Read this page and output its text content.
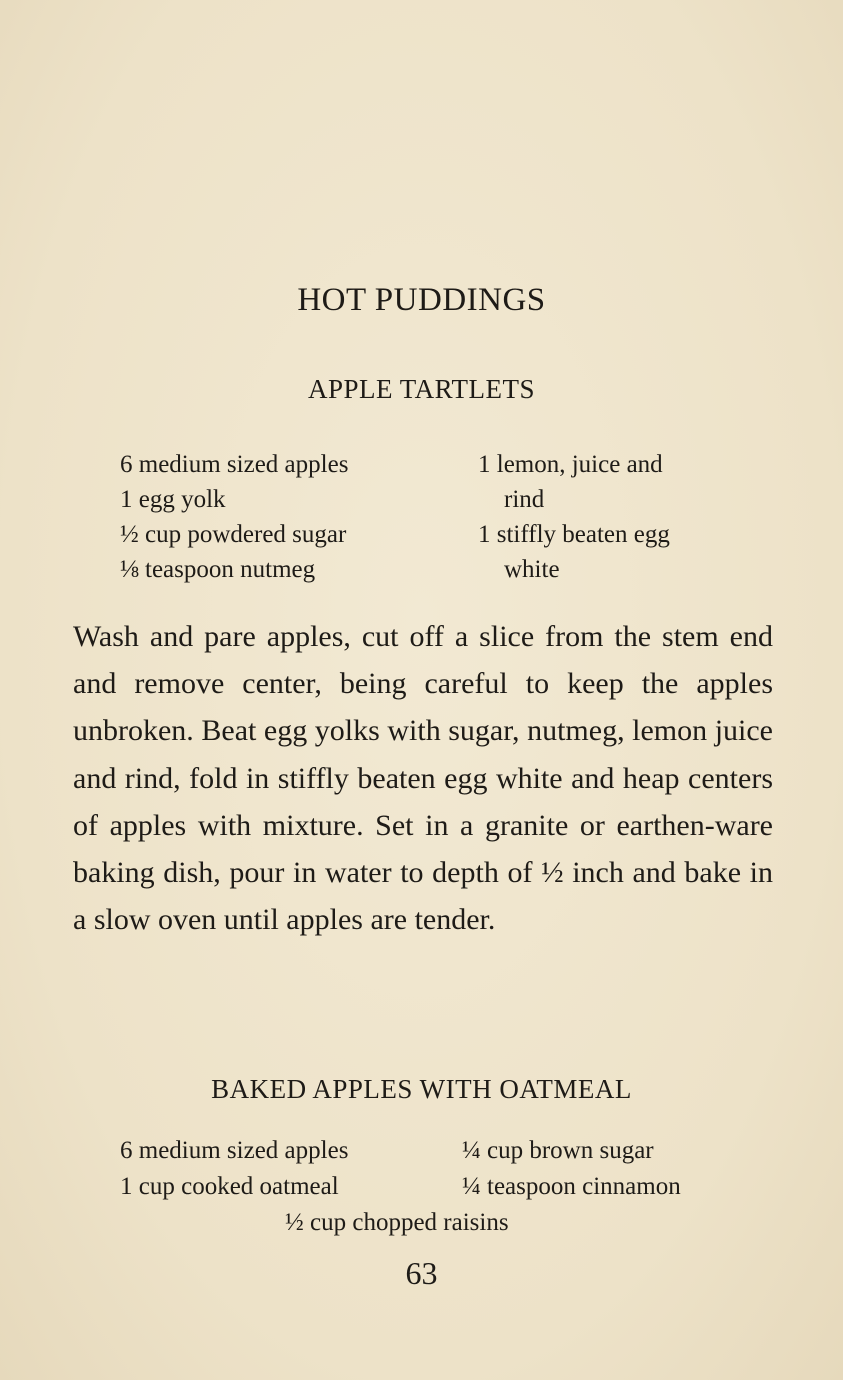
HOT PUDDINGS
APPLE TARTLETS
6 medium sized apples
1 egg yolk
½ cup powdered sugar
⅛ teaspoon nutmeg
1 lemon, juice and
rind
1 stiffly beaten egg
white
Wash and pare apples, cut off a slice from the stem end and remove center, being careful to keep the apples unbroken. Beat egg yolks with sugar, nutmeg, lemon juice and rind, fold in stiffly beaten egg white and heap centers of apples with mixture. Set in a granite or earthen-ware baking dish, pour in water to depth of ½ inch and bake in a slow oven until apples are tender.
BAKED APPLES WITH OATMEAL
6 medium sized apples	¼ cup brown sugar
1 cup cooked oatmeal	¼ teaspoon cinnamon
½ cup chopped raisins
63
